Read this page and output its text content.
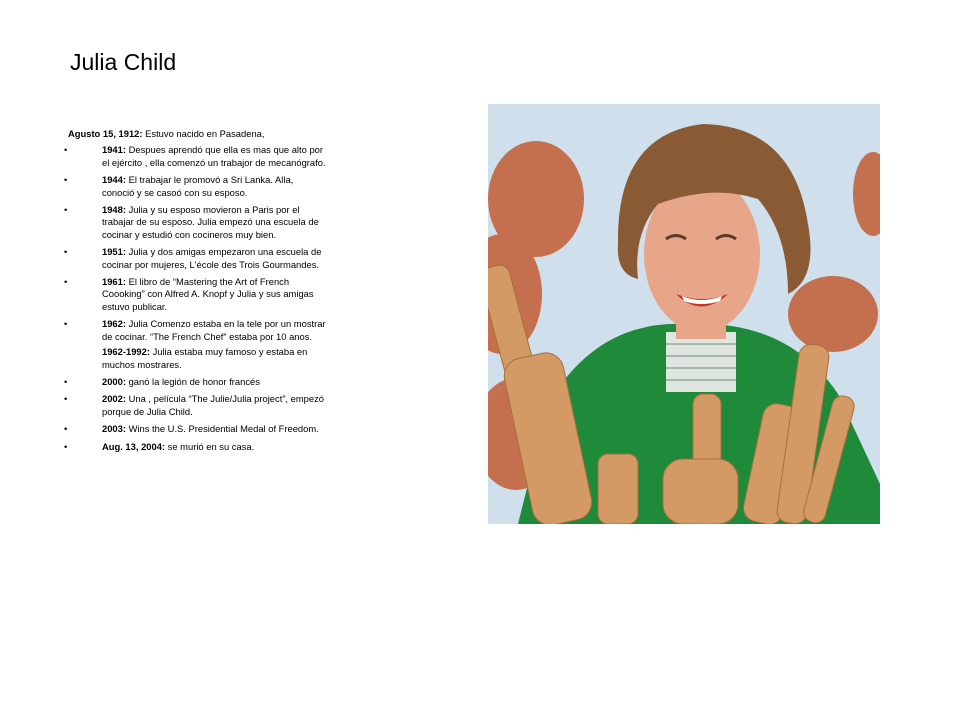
Julia Child

Agusto 15, 1912: Estuvo nacido en Pasadena,

•	1941: Despues aprendó que ella es mas que alto por el ejército , ella comenzó un trabajor de mecanógrafo.
•	1944: El trabajar le promovó a Sri Lanka. Alla, conoció y se casoó con su esposo.
•	1948: Julia y su esposo movieron a Paris por el trabajar de su esposo. Julia empezó una escuela de cocinar y estudió con cocineros muy bien.
•	1951: Julia y dos amigas empezaron una escuela de cocinar por mujeres, L'école des Trois Gourmandes.
•	1961: El libro de “Mastering the Art of French Coooking” con Alfred A. Knopf y Julia y sus amigas estuvo publicar.
•	1962: Julia Comenzo estaba en la tele por un mostrar de cocinar. “The French Chef” estaba por 10 anos.
1962-1992: Julia estaba muy famoso y estaba en muchos mostrares.
•	2000: ganó la legión de honor francés
•	2002: Una , película “The Julie/Julia project”, empezó porque de Julia Child.
•	2003: Wins the U.S. Presidential Medal of Freedom.
•	Aug. 13, 2004: se murió en su casa.
